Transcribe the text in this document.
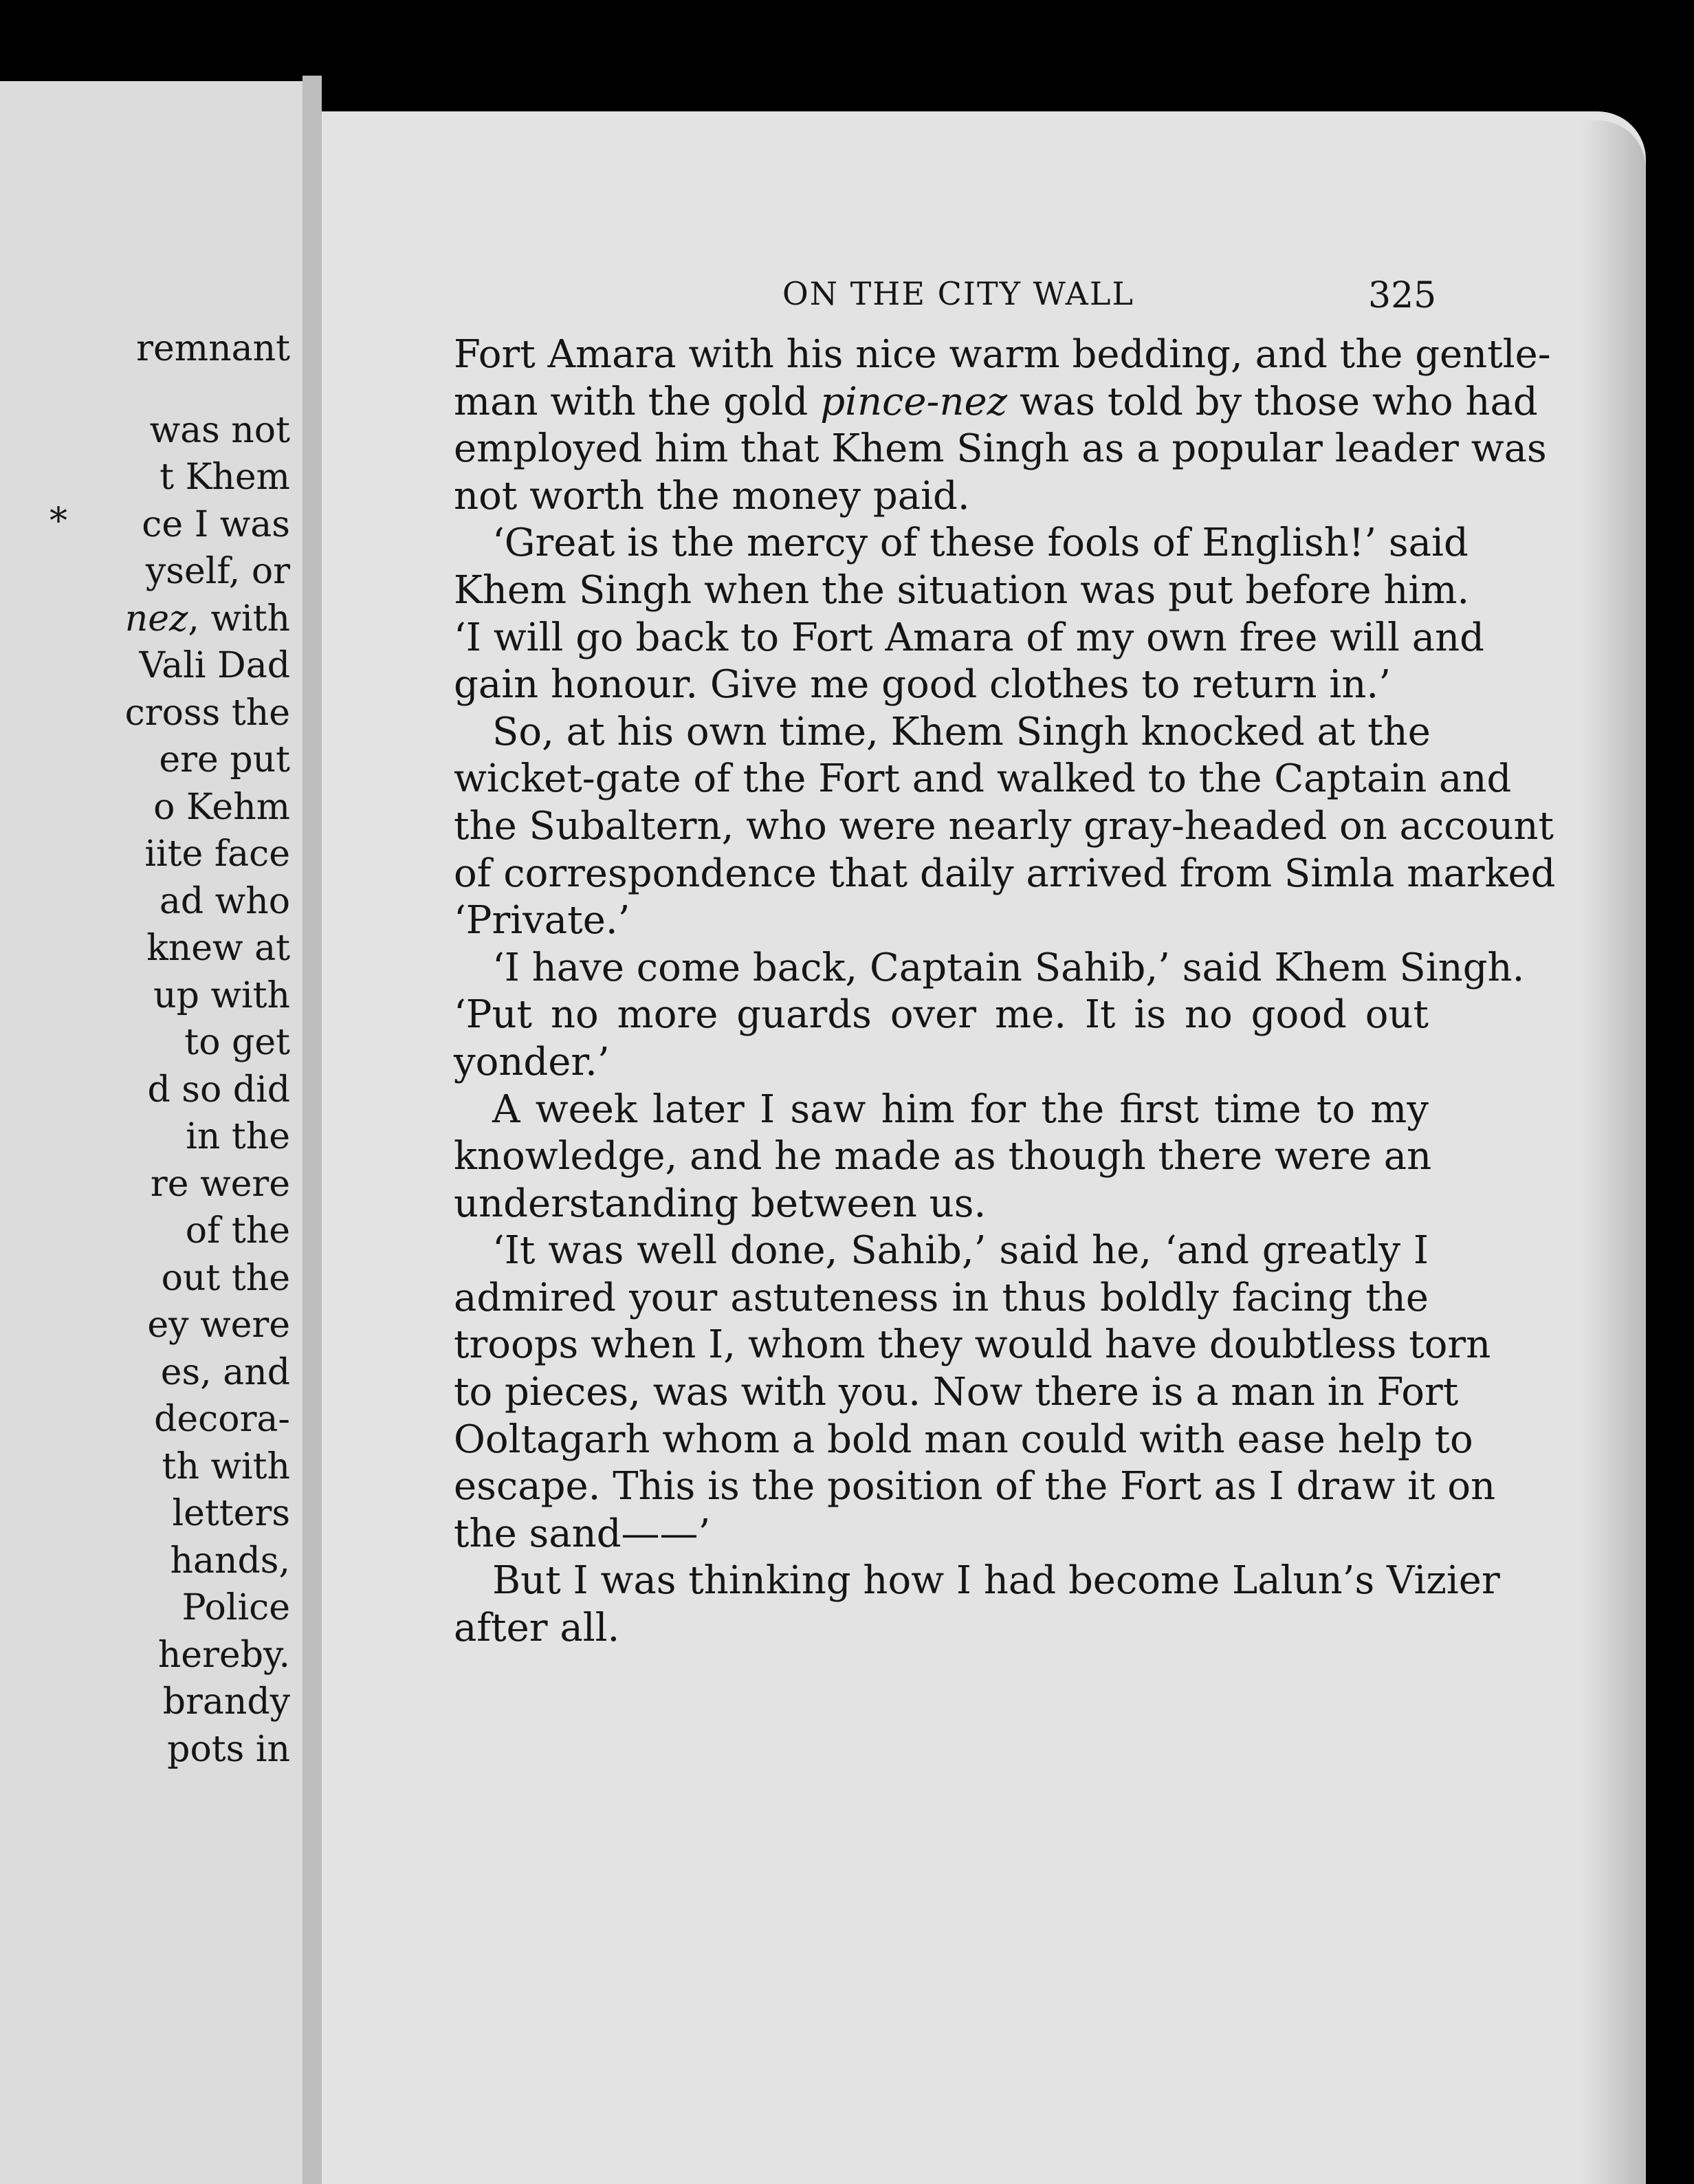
remnant
was not
t Khem
ce I was
yself, or
nez, with
Vali Dad
cross the
ere put
o Kehm
iite face
ad who
knew at
up with
to get
d so did
in the
re were
of the
out the
ey were
es, and
decora-
th with
letters
hands,
Police
hereby.
brandy
pots in
*
ON THE CITY WALL	325
Fort Amara with his nice warm bedding, and the gentle-
man with the gold pince-nez was told by those who had
employed him that Khem Singh as a popular leader was
not worth the money paid.
‘Great is the mercy of these fools of English!’ said
Khem Singh when the situation was put before him.
‘I will go back to Fort Amara of my own free will and
gain honour. Give me good clothes to return in.’
So, at his own time, Khem Singh knocked at the
wicket-gate of the Fort and walked to the Captain and
the Subaltern, who were nearly gray-headed on account
of correspondence that daily arrived from Simla marked
‘Private.’
‘I have come back, Captain Sahib,’ said Khem Singh.
‘Put no more guards over me. It is no good out
yonder.’
A week later I saw him for the first time to my
knowledge, and he made as though there were an
understanding between us.
‘It was well done, Sahib,’ said he, ‘and greatly I
admired your astuteness in thus boldly facing the
troops when I, whom they would have doubtless torn
to pieces, was with you. Now there is a man in Fort
Ooltagarh whom a bold man could with ease help to
escape. This is the position of the Fort as I draw it on
the sand——’
But I was thinking how I had become Lalun’s Vizier
after all.
